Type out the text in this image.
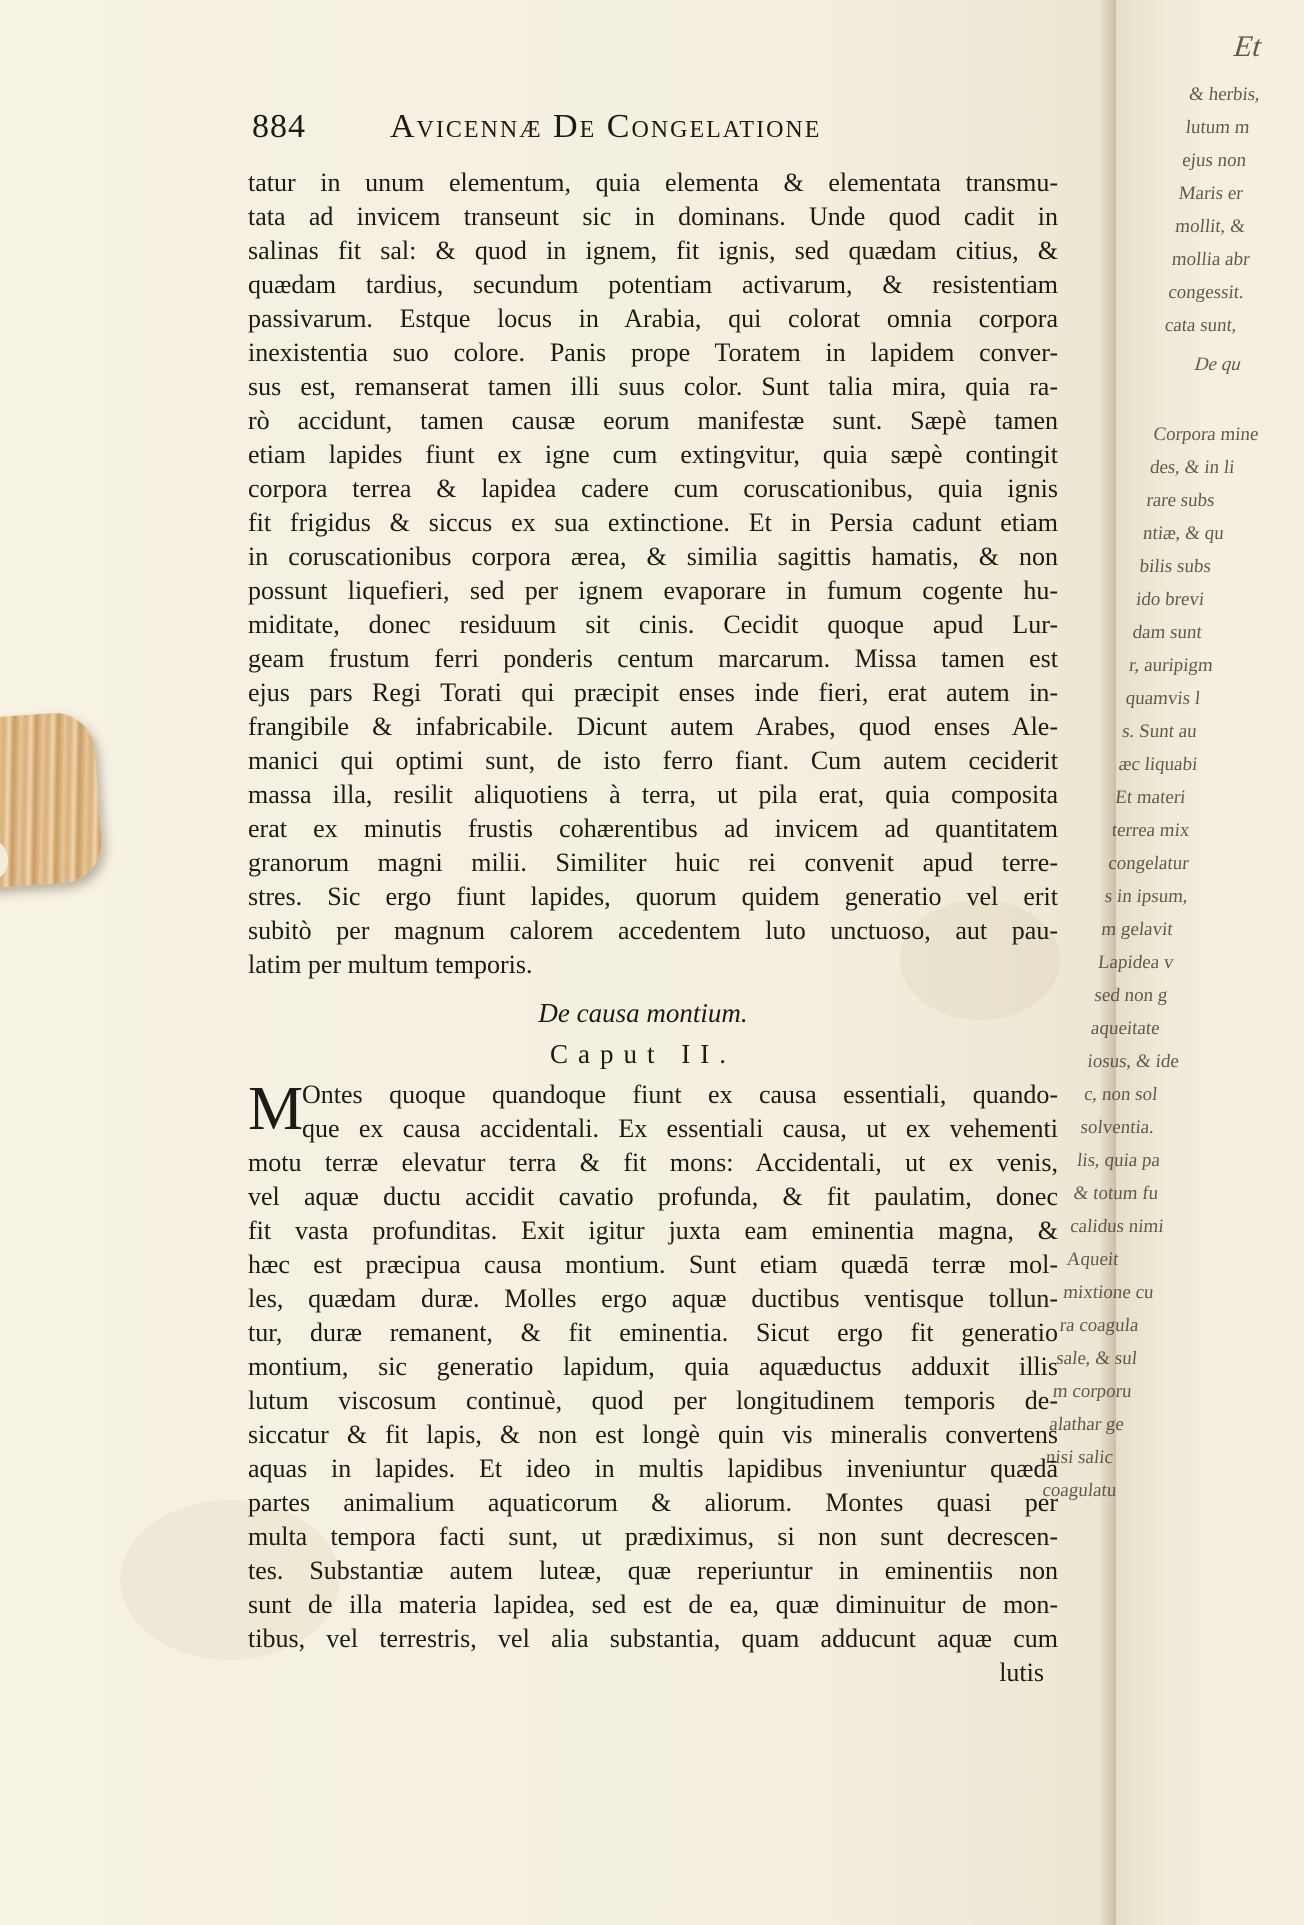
Et
& herbis,
lutum m
ejus non
Maris er
mollit, &
mollia abr
congessit.
cata sunt,
De qu
Corpora mine
des, & in li
rare subs
ntiæ, & qu
bilis subs
ido brevi
dam sunt
r, auripigm
quamvis l
s. Sunt au
æc liquabi
Et materi
terrea mix
congelatur
s in ipsum,
m gelavit
Lapidea v
sed non g
aqueitate
iosus, & ide
c, non sol
solventia.
lis, quia pa
& totum fu
calidus nimi
Aqueit
mixtione cu
ra coagula
sale, & sul
m corporu
alathar ge
nisi salic
coagulatu
884 Avicennæ De Congelatione
tatur in unum elementum, quia elementa & elementata transmu-
tata ad invicem transeunt sic in dominans. Unde quod cadit in
salinas fit sal: & quod in ignem, fit ignis, sed quædam citius, &
quædam tardius, secundum potentiam activarum, & resistentiam
passivarum. Estque locus in Arabia, qui colorat omnia corpora
inexistentia suo colore. Panis prope Toratem in lapidem conver-
sus est, remanserat tamen illi suus color. Sunt talia mira, quia ra-
rò accidunt, tamen causæ eorum manifestæ sunt. Sæpè tamen
etiam lapides fiunt ex igne cum extingvitur, quia sæpè contingit
corpora terrea & lapidea cadere cum coruscationibus, quia ignis
fit frigidus & siccus ex sua extinctione. Et in Persia cadunt etiam
in coruscationibus corpora ærea, & similia sagittis hamatis, & non
possunt liquefieri, sed per ignem evaporare in fumum cogente hu-
miditate, donec residuum sit cinis. Cecidit quoque apud Lur-
geam frustum ferri ponderis centum marcarum. Missa tamen est
ejus pars Regi Torati qui præcipit enses inde fieri, erat autem in-
frangibile & infabricabile. Dicunt autem Arabes, quod enses Ale-
manici qui optimi sunt, de isto ferro fiant. Cum autem ceciderit
massa illa, resilit aliquotiens à terra, ut pila erat, quia composita
erat ex minutis frustis cohærentibus ad invicem ad quantitatem
granorum magni milii. Similiter huic rei convenit apud terre-
stres. Sic ergo fiunt lapides, quorum quidem generatio vel erit
subitò per magnum calorem accedentem luto unctuoso, aut pau-
latim per multum temporis.
De causa montium.
Caput II.
M
Ontes quoque quandoque fiunt ex causa essentiali, quando-
que ex causa accidentali. Ex essentiali causa, ut ex vehementi
motu terræ elevatur terra & fit mons: Accidentali, ut ex venis,
vel aquæ ductu accidit cavatio profunda, & fit paulatim, donec
fit vasta profunditas. Exit igitur juxta eam eminentia magna, &
hæc est præcipua causa montium. Sunt etiam quædā terræ mol-
les, quædam duræ. Molles ergo aquæ ductibus ventisque tollun-
tur, duræ remanent, & fit eminentia. Sicut ergo fit generatio
montium, sic generatio lapidum, quia aquæductus adduxit illis
lutum viscosum continuè, quod per longitudinem temporis de-
siccatur & fit lapis, & non est longè quin vis mineralis convertens
aquas in lapides. Et ideo in multis lapidibus inveniuntur quædā
partes animalium aquaticorum & aliorum. Montes quasi per
multa tempora facti sunt, ut prædiximus, si non sunt decrescen-
tes. Substantiæ autem luteæ, quæ reperiuntur in eminentiis non
sunt de illa materia lapidea, sed est de ea, quæ diminuitur de mon-
tibus, vel terrestris, vel alia substantia, quam adducunt aquæ cum
lutis
